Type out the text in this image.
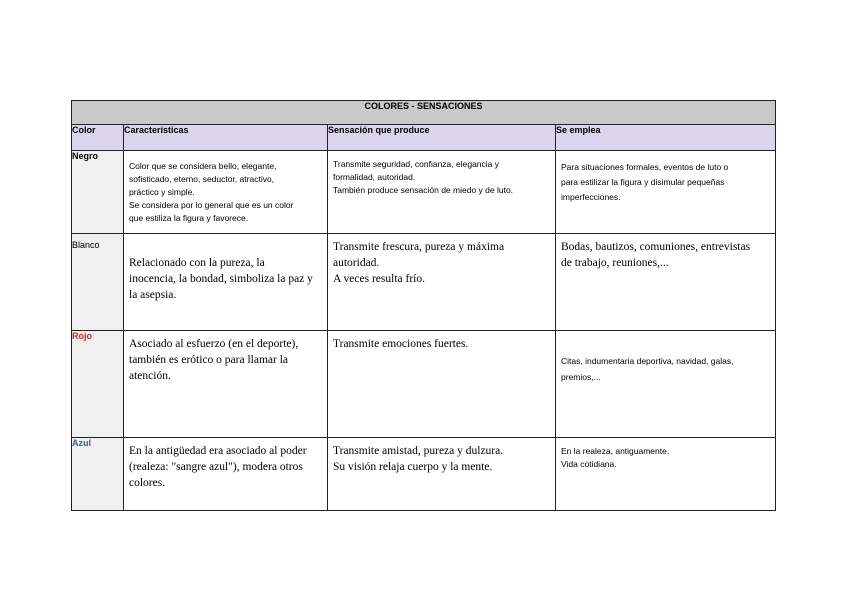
COLORES - SENSACIONES			
Color	Características	Sensación que produce	Se emplea
Negro	Color que se considera bello, elegante,
sofisticado, eterno, seductor, atractivo,
práctico y simple.
Se considera por lo general que es un color
que estiliza la figura y favorece.	Transmite seguridad, confianza, elegancia y
formalidad, autoridad.
También produce sensación de miedo y de luto.	Para situaciones formales, eventos de luto o
para estilizar la figura y disimular pequeñas
imperfecciones.

Blanco	Relacionado con la pureza, la
inocencia, la bondad, simboliza la paz y
la asepsia.	Transmite frescura, pureza y máxima
autoridad.
A veces resulta frío.	Bodas, bautizos, comuniones, entrevistas
de trabajo, reuniones,...

Rojo	Asociado al esfuerzo (en el deporte),
también es erótico o para llamar la
atención.	Transmite emociones fuertes.	Citas, indumentaria deportiva, navidad, galas,
premios,...

Azul	En la antigüedad era asociado al poder
(realeza: "sangre azul"), modera otros
colores.	Transmite amistad, pureza y dulzura.
Su visión relaja cuerpo y la mente.	En la realeza, antiguamente.
Vida cotidiana.
